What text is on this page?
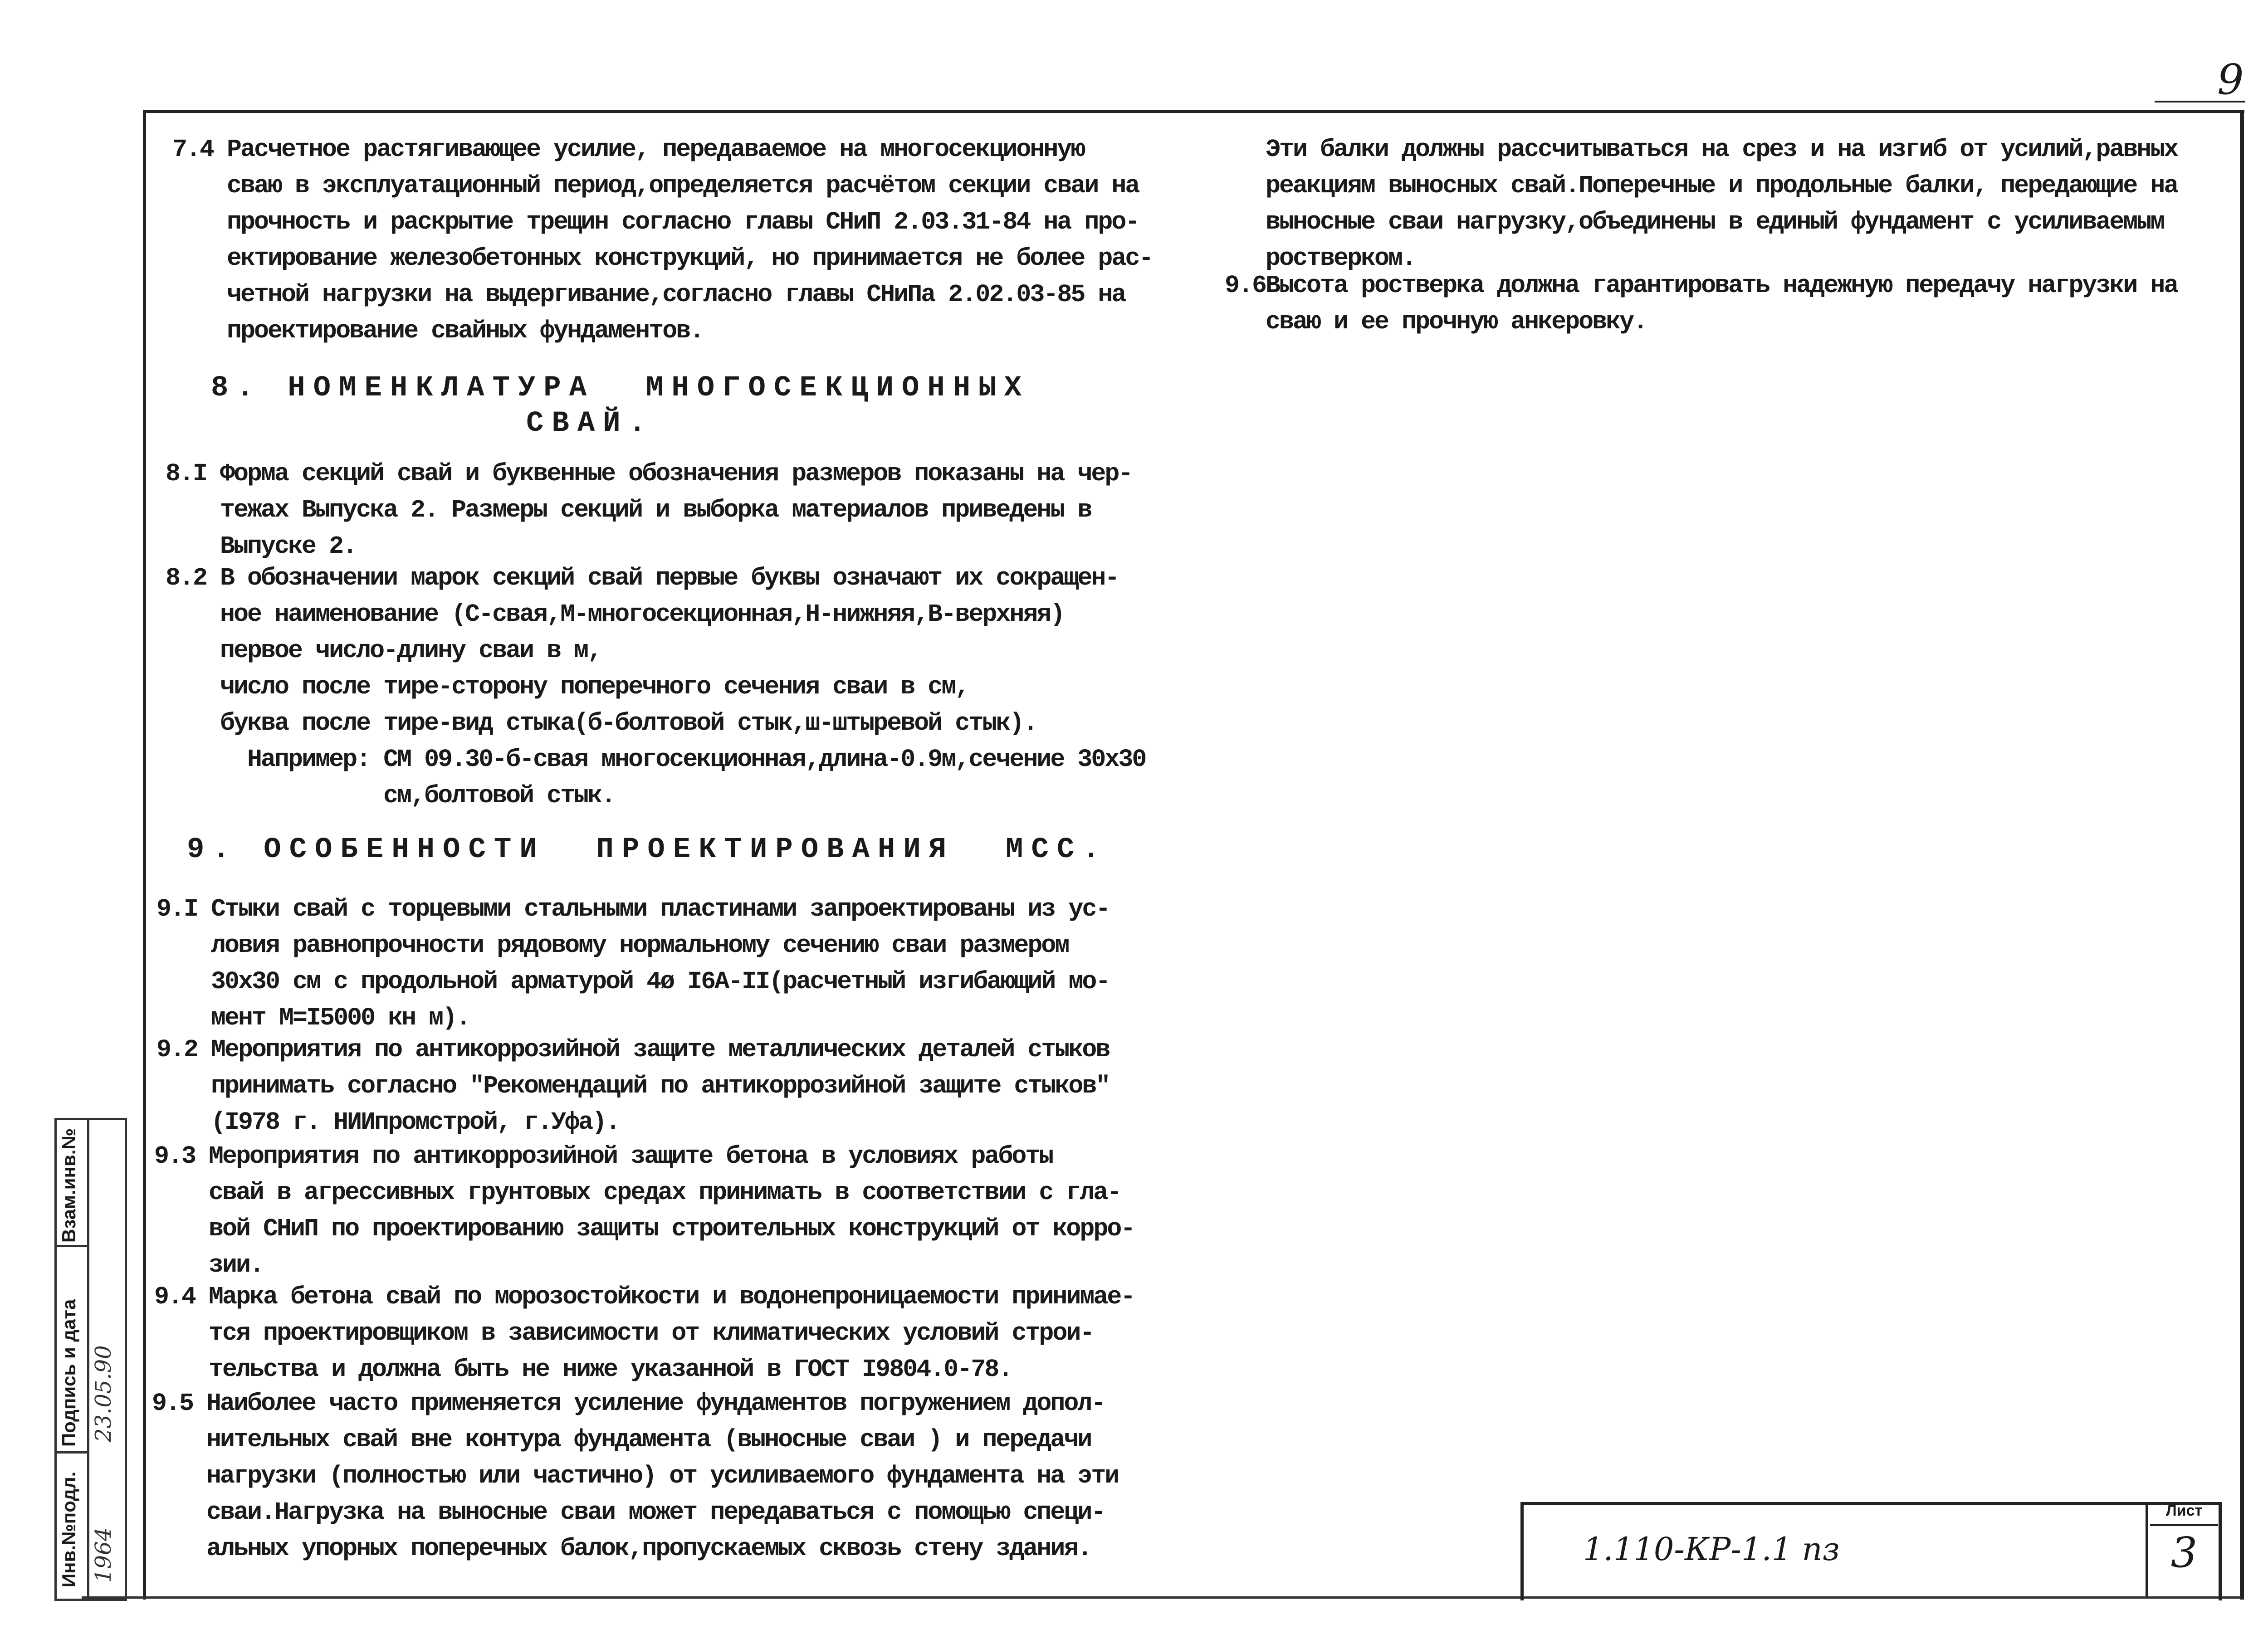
9
7.4 Расчетное растягивающее усилие, передаваемое на многосекционную
сваю в эксплуатационный период,определяется расчётом секции сваи на
прочность и раскрытие трещин согласно главы СНиП 2.03.31-84 на про-
ектирование железобетонных конструкций, но принимается не более рас-
четной нагрузки на выдергивание,согласно главы СНиПа 2.02.03-85 на
проектирование свайных фундаментов.
8. НОМЕНКЛАТУРА  МНОГОСЕКЦИОННЫХ
СВАЙ.
8.I Форма секций свай и буквенные обозначения размеров показаны на чер-
тежах Выпуска 2. Размеры секций и выборка материалов приведены в
Выпуске 2.
8.2 В обозначении марок секций свай первые буквы означают их сокращен-
ное наименование (С-свая,М-многосекционная,Н-нижняя,В-верхняя)
первое число-длину сваи в м,
число после тире-сторону поперечного сечения сваи в см,
буква после тире-вид стыка(б-болтовой стык,ш-штыревой стык).
Например: СМ 09.30-б-свая многосекционная,длина-0.9м,сечение 30х30
см,болтовой стык.
9. ОСОБЕННОСТИ  ПРОЕКТИРОВАНИЯ  МСС.
9.I Стыки свай с торцевыми стальными пластинами запроектированы из ус-
ловия равнопрочности рядовому нормальному сечению сваи размером
30х30 см с продольной арматурой 4ø I6А-II(расчетный изгибающий мо-
мент М=I5000 кн м).
9.2 Мероприятия по антикоррозийной защите металлических деталей стыков
принимать согласно "Рекомендаций по антикоррозийной защите стыков"
(I978 г. НИИпромстрой, г.Уфа).
9.3 Мероприятия по антикоррозийной защите бетона в условиях работы
свай в агрессивных грунтовых средах принимать в соответствии с гла-
вой СНиП по проектированию защиты строительных конструкций от корро-
зии.
9.4 Марка бетона свай по морозостойкости и водонепроницаемости принимае-
тся проектировщиком в зависимости от климатических условий строи-
тельства и должна быть не ниже указанной в ГОСТ I9804.0-78.
9.5 Наиболее часто применяется усиление фундаментов погружением допол-
нительных свай вне контура фундамента (выносные сваи ) и передачи
нагрузки (полностью или частично) от усиливаемого фундамента на эти
сваи.Нагрузка на выносные сваи может передаваться с помощью специ-
альных упорных поперечных балок,пропускаемых сквозь стену здания.
Эти балки должны рассчитываться на срез и на изгиб от усилий,равных
реакциям выносных свай.Поперечные и продольные балки, передающие на
выносные сваи нагрузку,объединены в единый фундамент с усиливаемым
ростверком.
9.6Высота ростверка должна гарантировать надежную передачу нагрузки на
сваю и ее прочную анкеровку.
Взам.инв.№
Подпись и дата
Инв.№подл.
23.05.90
1964	1.110-КР-1.1 пз
Лист
3
